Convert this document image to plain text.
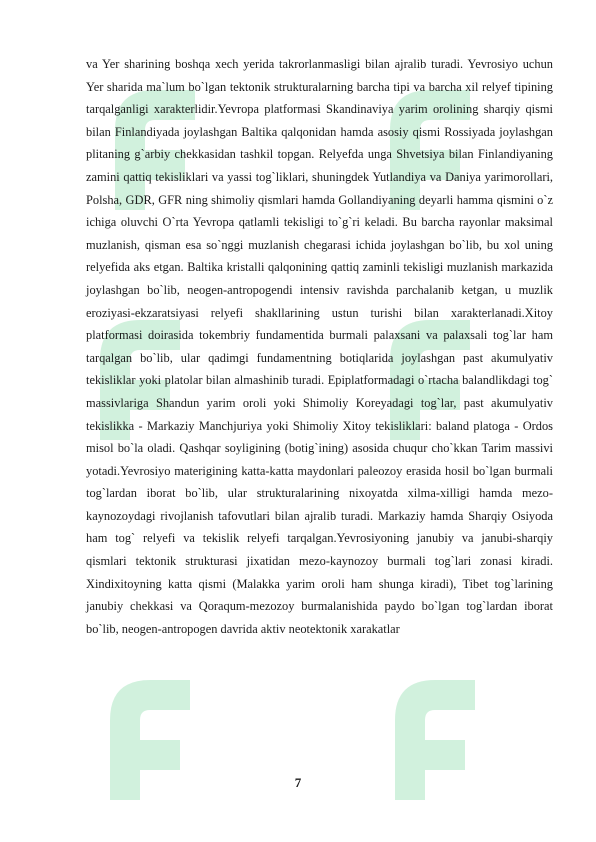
va Yer sharining boshqa xech yerida takrorlanmasligi bilan ajralib turadi. Yevrosiyo uchun Yer sharida ma`lum bo`lgan tektonik strukturalarning barcha tipi va barcha xil relyef tipining tarqalganligi xarakterlidir.Yevropa platformasi Skandinaviya yarim orolining sharqiy qismi bilan Finlandiyada joylashgan Baltika qalqonidan hamda asosiy qismi Rossiyada joylashgan plitaning g`arbiy chekkasidan tashkil topgan. Relyefda unga Shvetsiya bilan Finlandiyaning zamini qattiq tekisliklari va yassi tog`liklari, shuningdek Yutlandiya va Daniya yarimorollari, Polsha, GDR, GFR ning shimoliy qismlari hamda Gollandiyaning deyarli hamma qismini o`z ichiga oluvchi O`rta Yevropa qatlamli tekisligi to`g`ri keladi. Bu barcha rayonlar maksimal muzlanish, qisman esa so`nggi muzlanish chegarasi ichida joylashgan bo`lib, bu xol uning relyefida aks etgan. Baltika kristalli qalqonining qattiq zaminli tekisligi muzlanish markazida joylashgan bo`lib, neogen-antropogendi intensiv ravishda parchalanib ketgan, u muzlik eroziyasi-ekzaratsiyasi relyefi shakllarining ustun turishi bilan xarakterlanadi.Xitoy platformasi doirasida tokembriy fundamentida burmali palaxsani va palaxsali tog`lar ham tarqalgan bo`lib, ular qadimgi fundamentning botiqlarida joylashgan past akumulyativ tekisliklar yoki platolar bilan almashinib turadi. Epiplatformadagi o`rtacha balandlikdagi tog` massivlariga Shandun yarim oroli yoki Shimoliy Koreyadagi tog`lar, past akumulyativ tekislikka - Markaziy Manchjuriya yoki Shimoliy Xitoy tekisliklari: baland platoga - Ordos misol bo`la oladi. Qashqar soyligining (botig`ining) asosida chuqur cho`kkan Tarim massivi yotadi.Yevrosiyo materigining katta-katta maydonlari paleozoy erasida hosil bo`lgan burmali tog`lardan iborat bo`lib, ular strukturalarining nixoyatda xilma-xilligi hamda mezo-kaynozoydagi rivojlanish tafovutlari bilan ajralib turadi. Markaziy hamda Sharqiy Osiyoda ham tog` relyefi va tekislik relyefi tarqalgan.Yevrosiyoning janubiy va janubi-sharqiy qismlari tektonik strukturasi jixatidan mezo-kaynozoy burmali tog`lari zonasi kiradi. Xindixitoyning katta qismi (Malakka yarim oroli ham shunga kiradi), Tibet tog`larining janubiy chekkasi va Qoraqum-mezozoy burmalanishida paydo bo`lgan tog`lardan iborat bo`lib, neogen-antropogen davrida aktiv neotektonik xarakatlar

7
